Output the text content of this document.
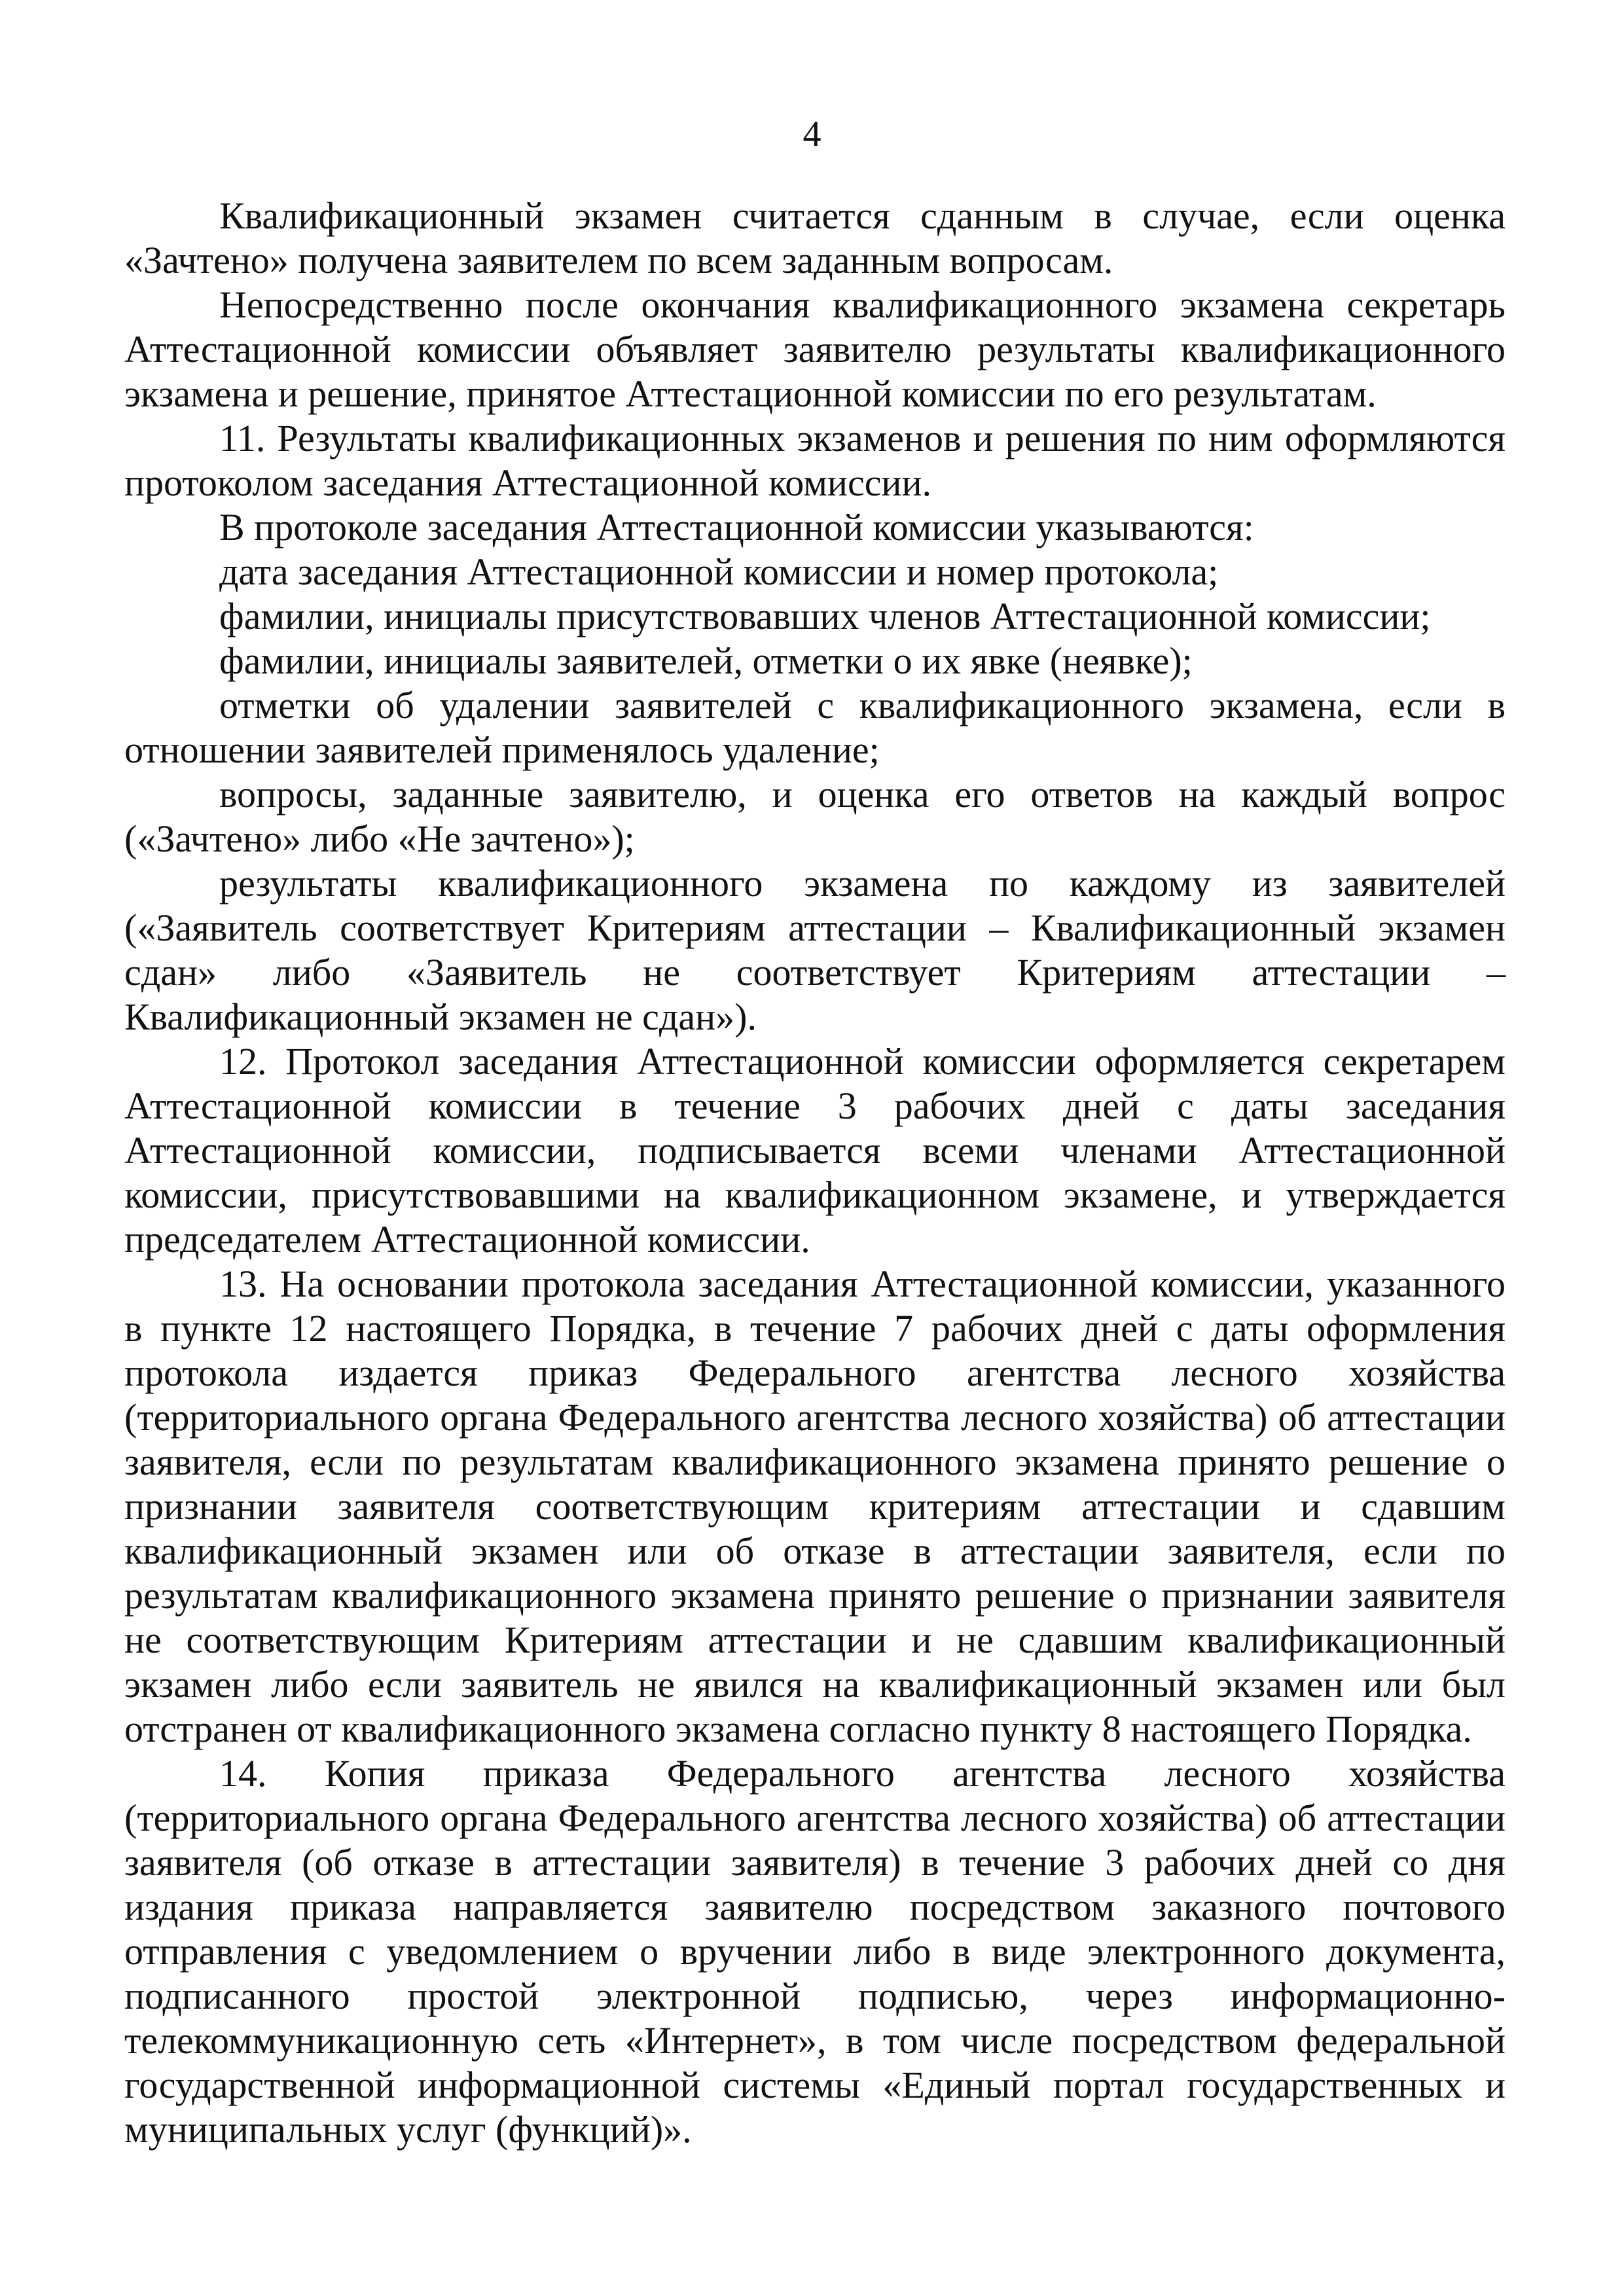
4

Квалификационный экзамен считается сданным в случае, если оценка «Зачтено» получена заявителем по всем заданным вопросам.

Непосредственно после окончания квалификационного экзамена секретарь Аттестационной комиссии объявляет заявителю результаты квалификационного экзамена и решение, принятое Аттестационной комиссии по его результатам.

11. Результаты квалификационных экзаменов и решения по ним оформляются протоколом заседания Аттестационной комиссии.

В протоколе заседания Аттестационной комиссии указываются:

дата заседания Аттестационной комиссии и номер протокола;

фамилии, инициалы присутствовавших членов Аттестационной комиссии;

фамилии, инициалы заявителей, отметки о их явке (неявке);

отметки об удалении заявителей с квалификационного экзамена, если в отношении заявителей применялось удаление;

вопросы, заданные заявителю, и оценка его ответов на каждый вопрос («Зачтено» либо «Не зачтено»);

результаты квалификационного экзамена по каждому из заявителей («Заявитель соответствует Критериям аттестации – Квалификационный экзамен сдан» либо «Заявитель не соответствует Критериям аттестации – Квалификационный экзамен не сдан»).

12. Протокол заседания Аттестационной комиссии оформляется секретарем Аттестационной комиссии в течение 3 рабочих дней с даты заседания Аттестационной комиссии, подписывается всеми членами Аттестационной комиссии, присутствовавшими на квалификационном экзамене, и утверждается председателем Аттестационной комиссии.

13. На основании протокола заседания Аттестационной комиссии, указанного в пункте 12 настоящего Порядка, в течение 7 рабочих дней с даты оформления протокола издается приказ Федерального агентства лесного хозяйства (территориального органа Федерального агентства лесного хозяйства) об аттестации заявителя, если по результатам квалификационного экзамена принято решение о признании заявителя соответствующим критериям аттестации и сдавшим квалификационный экзамен или об отказе в аттестации заявителя, если по результатам квалификационного экзамена принято решение о признании заявителя не соответствующим Критериям аттестации и не сдавшим квалификационный экзамен либо если заявитель не явился на квалификационный экзамен или был отстранен от квалификационного экзамена согласно пункту 8 настоящего Порядка.

14. Копия приказа Федерального агентства лесного хозяйства (территориального органа Федерального агентства лесного хозяйства) об аттестации заявителя (об отказе в аттестации заявителя) в течение 3 рабочих дней со дня издания приказа направляется заявителю посредством заказного почтового отправления с уведомлением о вручении либо в виде электронного документа, подписанного простой электронной подписью, через информационно-телекоммуникационную сеть «Интернет», в том числе посредством федеральной государственной информационной системы «Единый портал государственных и муниципальных услуг (функций)».
